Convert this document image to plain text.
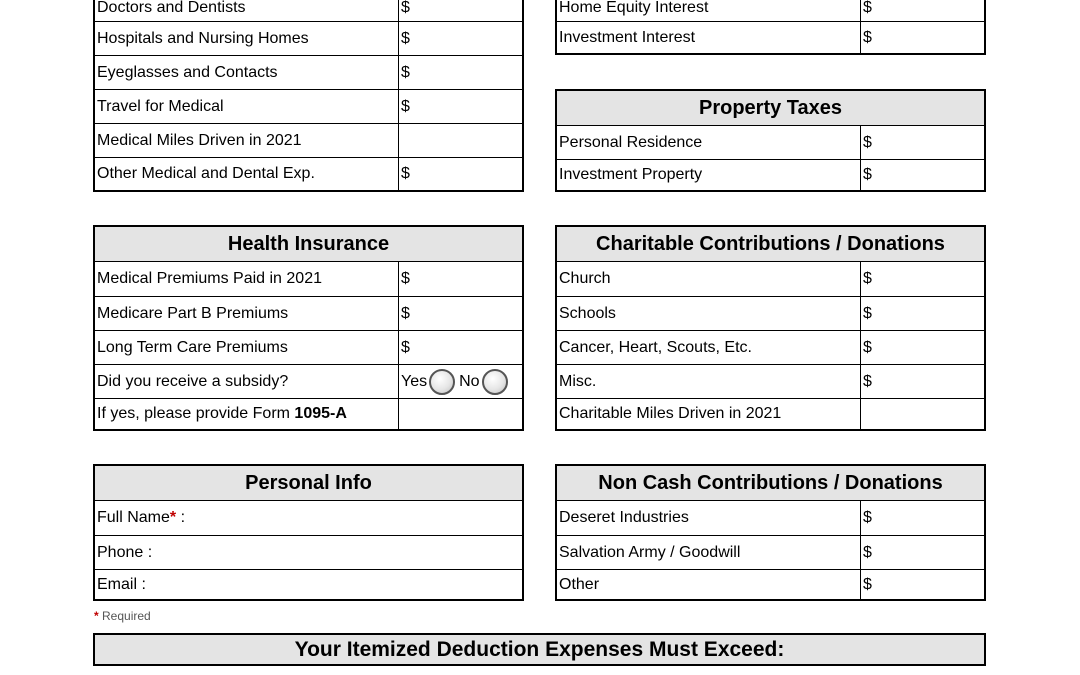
Doctors and Dentists	$
Hospitals and Nursing Homes	$
Eyeglasses and Contacts	$
Travel for Medical	$
Medical Miles Driven in 2021
Other Medical and Dental Exp.	$
Home Equity Interest	$
Investment Interest	$
Property Taxes
Personal Residence	$
Investment Property	$
Health Insurance
Medical Premiums Paid in 2021	$
Medicare Part B Premiums	$
Long Term Care Premiums	$
Did you receive a subsidy?	Yes No
If yes, please provide Form 1095-A
Charitable Contributions / Donations
Church	$
Schools	$
Cancer, Heart, Scouts, Etc.	$
Misc.	$
Charitable Miles Driven in 2021
Personal Info
Full Name * :
Phone :
Email :
Non Cash Contributions / Donations
Deseret Industries	$
Salvation Army / Goodwill	$
Other	$
* Required
Your Itemized Deduction Expenses Must Exceed:
